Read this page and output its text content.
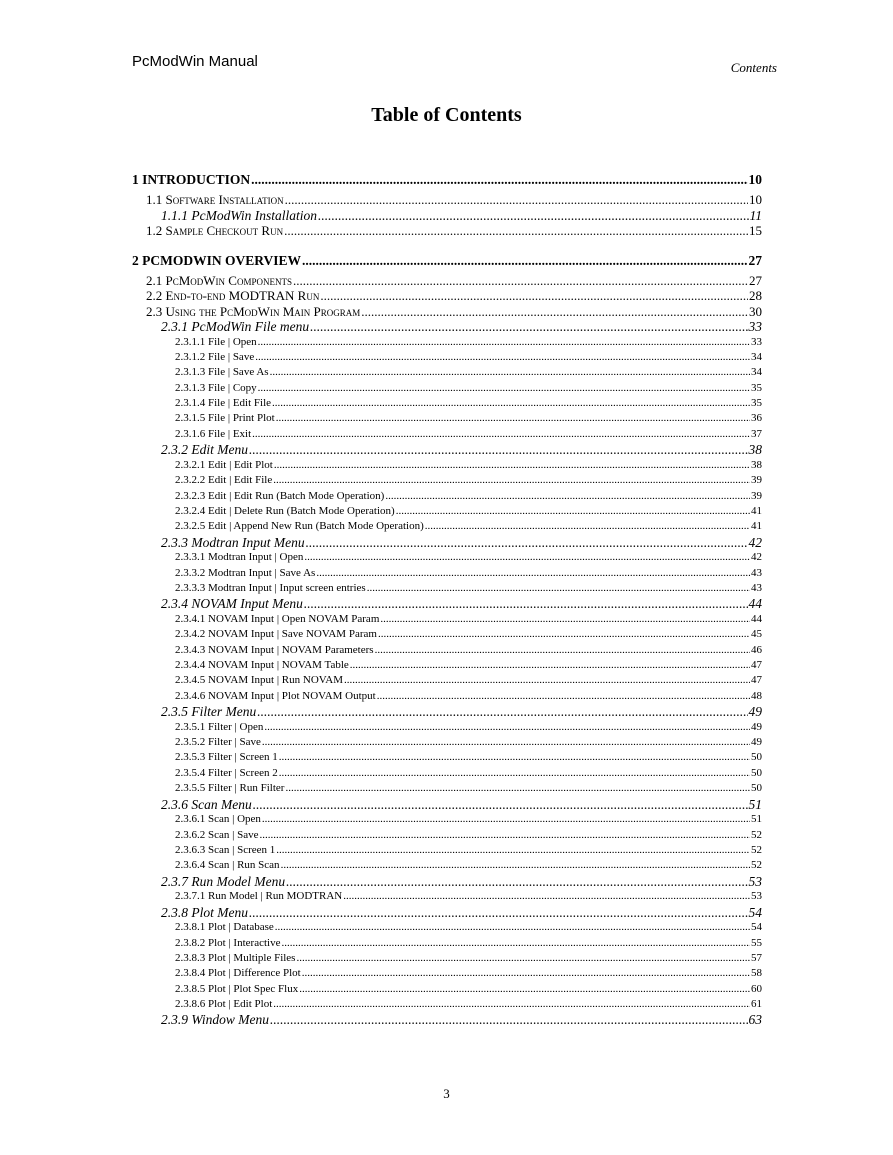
PcModWin Manual	Contents
Table of Contents
1 INTRODUCTION .....	10
1.1 Software Installation .....	10
1.1.1 PcModWin Installation .....	11
1.2 Sample Checkout Run .....	15
2 PCMODWIN OVERVIEW .....	27
2.1 PcModWin Components .....	27
2.2 End-to-end MODTRAN Run .....	28
2.3 Using the PcModWin Main Program .....	30
2.3.1 PcModWin File menu .....	33
2.3.1.1 File | Open .....	33
2.3.1.2 File | Save .....	34
2.3.1.3 File | Save As .....	34
2.3.1.3 File | Copy .....	35
2.3.1.4 File | Edit File .....	35
2.3.1.5 File | Print Plot .....	36
2.3.1.6 File | Exit .....	37
2.3.2 Edit Menu .....	38
2.3.2.1 Edit | Edit Plot .....	38
2.3.2.2 Edit | Edit File .....	39
2.3.2.3 Edit | Edit Run (Batch Mode Operation) .....	39
2.3.2.4 Edit | Delete Run (Batch Mode Operation) .....	41
2.3.2.5 Edit | Append New Run (Batch Mode Operation) .....	41
2.3.3 Modtran Input Menu .....	42
2.3.3.1 Modtran Input | Open .....	42
2.3.3.2 Modtran Input | Save As .....	43
2.3.3.3 Modtran Input | Input screen entries .....	43
2.3.4 NOVAM Input Menu .....	44
2.3.4.1 NOVAM Input | Open NOVAM Param .....	44
2.3.4.2 NOVAM Input | Save NOVAM Param .....	45
2.3.4.3 NOVAM Input | NOVAM Parameters .....	46
2.3.4.4 NOVAM Input | NOVAM Table .....	47
2.3.4.5 NOVAM Input | Run NOVAM .....	47
2.3.4.6 NOVAM Input | Plot NOVAM Output .....	48
2.3.5 Filter Menu .....	49
2.3.5.1 Filter | Open .....	49
2.3.5.2 Filter | Save .....	49
2.3.5.3 Filter | Screen 1 .....	50
2.3.5.4 Filter | Screen 2 .....	50
2.3.5.5 Filter | Run Filter .....	50
2.3.6 Scan Menu .....	51
2.3.6.1 Scan | Open .....	51
2.3.6.2 Scan | Save .....	52
2.3.6.3 Scan | Screen 1 .....	52
2.3.6.4 Scan | Run Scan .....	52
2.3.7 Run Model Menu .....	53
2.3.7.1 Run Model | Run MODTRAN .....	53
2.3.8 Plot Menu .....	54
2.3.8.1 Plot | Database .....	54
2.3.8.2 Plot | Interactive .....	55
2.3.8.3 Plot | Multiple Files .....	57
2.3.8.4 Plot | Difference Plot .....	58
2.3.8.5 Plot | Plot Spec Flux .....	60
2.3.8.6 Plot | Edit Plot .....	61
2.3.9 Window Menu .....	63
3
